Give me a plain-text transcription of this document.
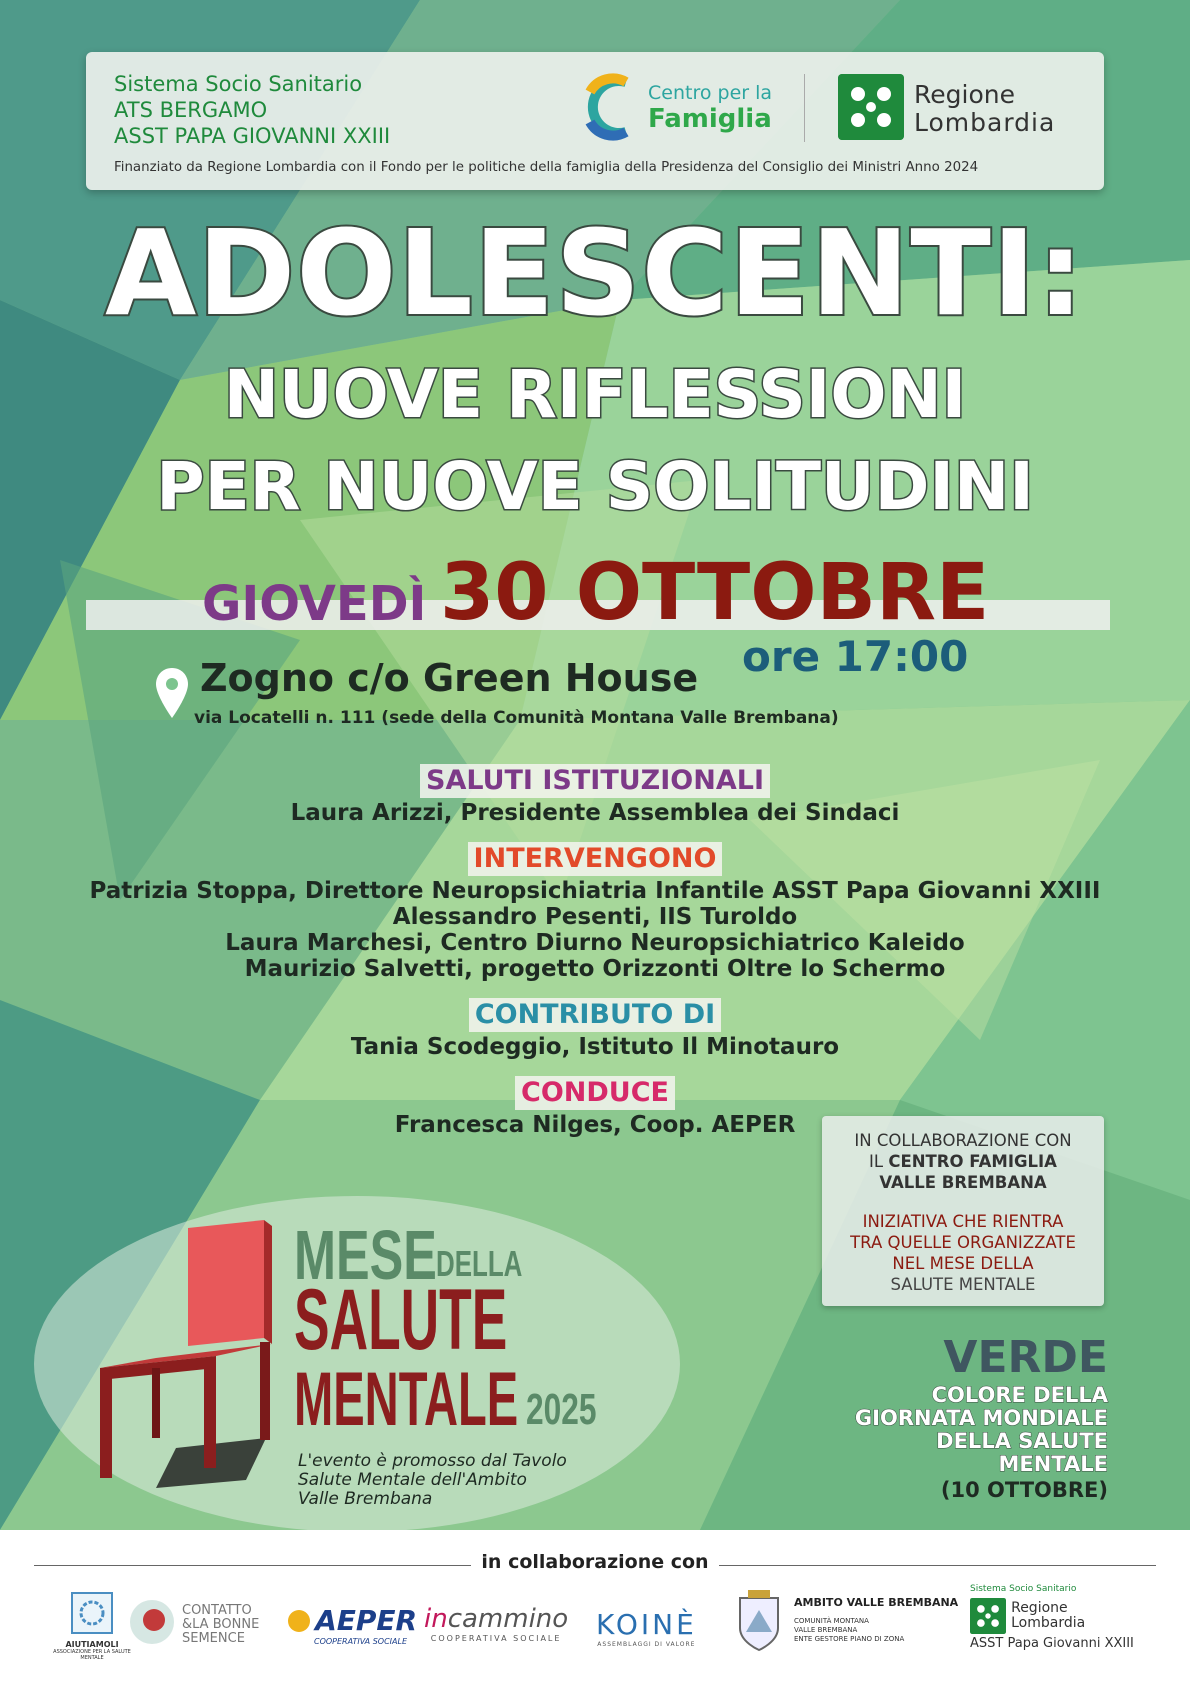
Sistema Socio Sanitario
ATS BERGAMO
ASST PAPA GIOVANNI XXIII
Centro per la
Famiglia
Regione
Lombardia
Finanziato da Regione Lombardia con il Fondo per le politiche della famiglia della Presidenza del Consiglio dei Ministri Anno 2024
ADOLESCENTI:
NUOVE RIFLESSIONI
PER NUOVE SOLITUDINI
GIOVEDÌ 30 OTTOBRE
ore 17:00
Zogno c/o Green House
via Locatelli n. 111 (sede della Comunità Montana Valle Brembana)
SALUTI ISTITUZIONALI
Laura Arizzi, Presidente Assemblea dei Sindaci
INTERVENGONO
Patrizia Stoppa, Direttore Neuropsichiatria Infantile ASST Papa Giovanni XXIII
Alessandro Pesenti, IIS Turoldo
Laura Marchesi, Centro Diurno Neuropsichiatrico Kaleido
Maurizio Salvetti, progetto Orizzonti Oltre lo Schermo
CONTRIBUTO DI
Tania Scodeggio, Istituto Il Minotauro
CONDUCE
Francesca Nilges, Coop. AEPER
IN COLLABORAZIONE CON
IL CENTRO FAMIGLIA
VALLE BREMBANA
INIZIATIVA CHE RIENTRA
TRA QUELLE ORGANIZZATE
NEL MESE DELLA
SALUTE MENTALE
MESE DELLA
SALUTE
MENTALE 2025
L'evento è promosso dal Tavolo
Salute Mentale dell'Ambito
Valle Brembana
VERDE
COLORE DELLA
GIORNATA MONDIALE
DELLA SALUTE
MENTALE
(10 OTTOBRE)
in collaborazione con
AIUTIAMOLI
ASSOCIAZIONE PER LA SALUTE MENTALE
CONTATTO
&LA BONNE
SEMENCE
AEPER
COOPERATIVA SOCIALE
incammino
COOPERATIVA SOCIALE KOINÈ
ASSEMBLAGGI DI VALORE
AMBITO VALLE BREMBANA
COMUNITÀ MONTANA
VALLE BREMBANA
ENTE GESTORE PIANO DI ZONA
Sistema Socio Sanitario
Regione
Lombardia
ASST Papa Giovanni XXIII
